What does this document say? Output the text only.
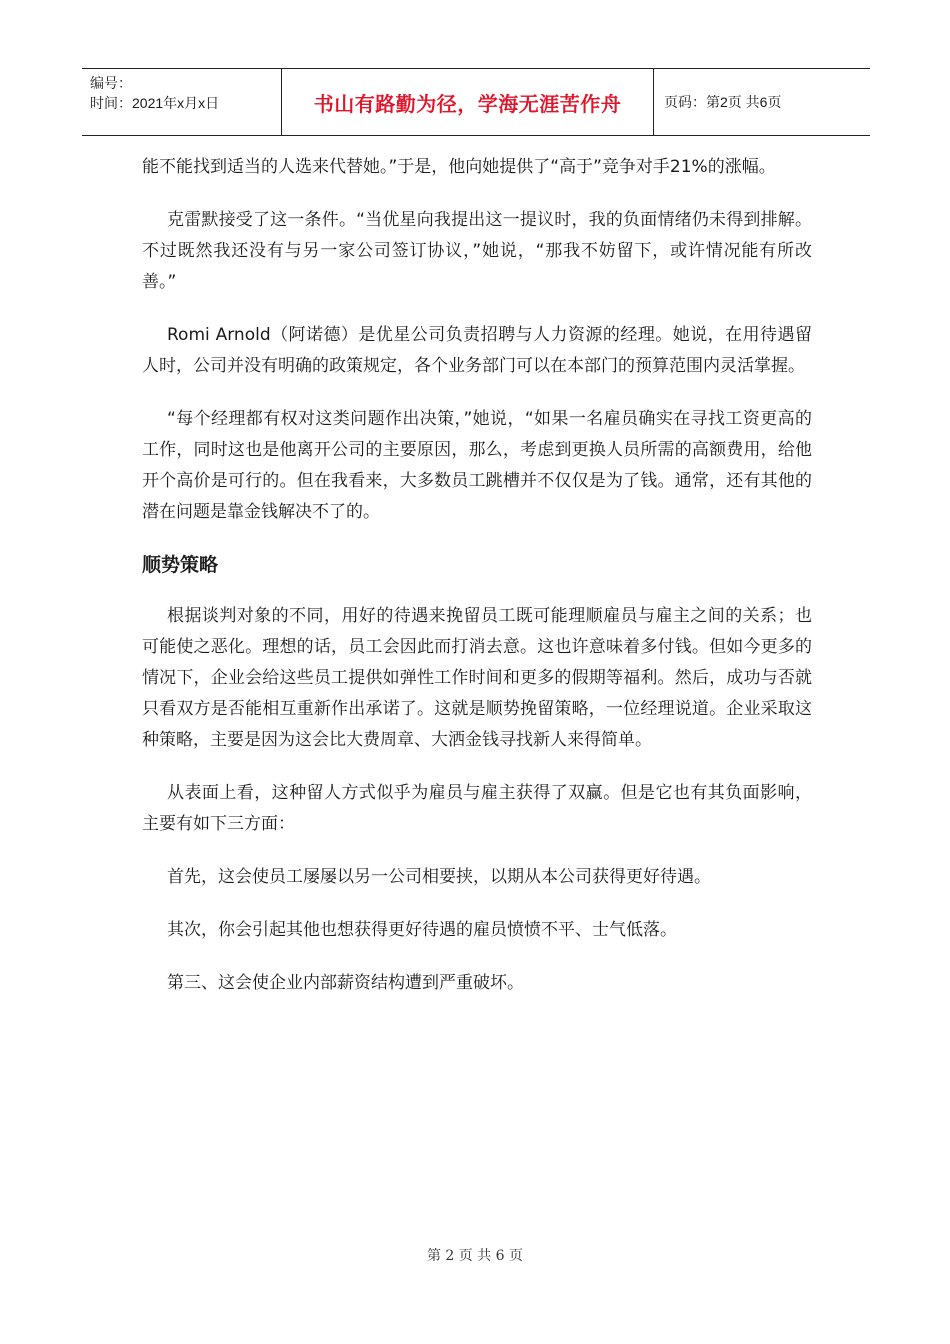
编号：
时间：2021年x月x日	书山有路勤为径，学海无涯苦作舟	页码：第2页 共6页

能不能找到适当的人选来代替她。”于是，他向她提供了“高于”竞争对手21%的涨幅。

克雷默接受了这一条件。“当优星向我提出这一提议时，我的负面情绪仍未得到排解。不过既然我还没有与另一家公司签订协议，”她说，“那我不妨留下，或许情况能有所改善。”

Romi Arnold（阿诺德）是优星公司负责招聘与人力资源的经理。她说，在用待遇留人时，公司并没有明确的政策规定，各个业务部门可以在本部门的预算范围内灵活掌握。

“每个经理都有权对这类问题作出决策，”她说，“如果一名雇员确实在寻找工资更高的工作，同时这也是他离开公司的主要原因，那么，考虑到更换人员所需的高额费用，给他开个高价是可行的。但在我看来，大多数员工跳槽并不仅仅是为了钱。通常，还有其他的潜在问题是靠金钱解决不了的。

顺势策略

根据谈判对象的不同，用好的待遇来挽留员工既可能理顺雇员与雇主之间的关系；也可能使之恶化。理想的话，员工会因此而打消去意。这也许意味着多付钱。但如今更多的情况下，企业会给这些员工提供如弹性工作时间和更多的假期等福利。然后，成功与否就只看双方是否能相互重新作出承诺了。这就是顺势挽留策略，一位经理说道。企业采取这种策略，主要是因为这会比大费周章、大洒金钱寻找新人来得简单。

从表面上看，这种留人方式似乎为雇员与雇主获得了双赢。但是它也有其负面影响，主要有如下三方面：

首先，这会使员工屡屡以另一公司相要挟，以期从本公司获得更好待遇。

其次，你会引起其他也想获得更好待遇的雇员愤愤不平、士气低落。

第三、这会使企业内部薪资结构遭到严重破坏。

第 2 页 共 6 页
